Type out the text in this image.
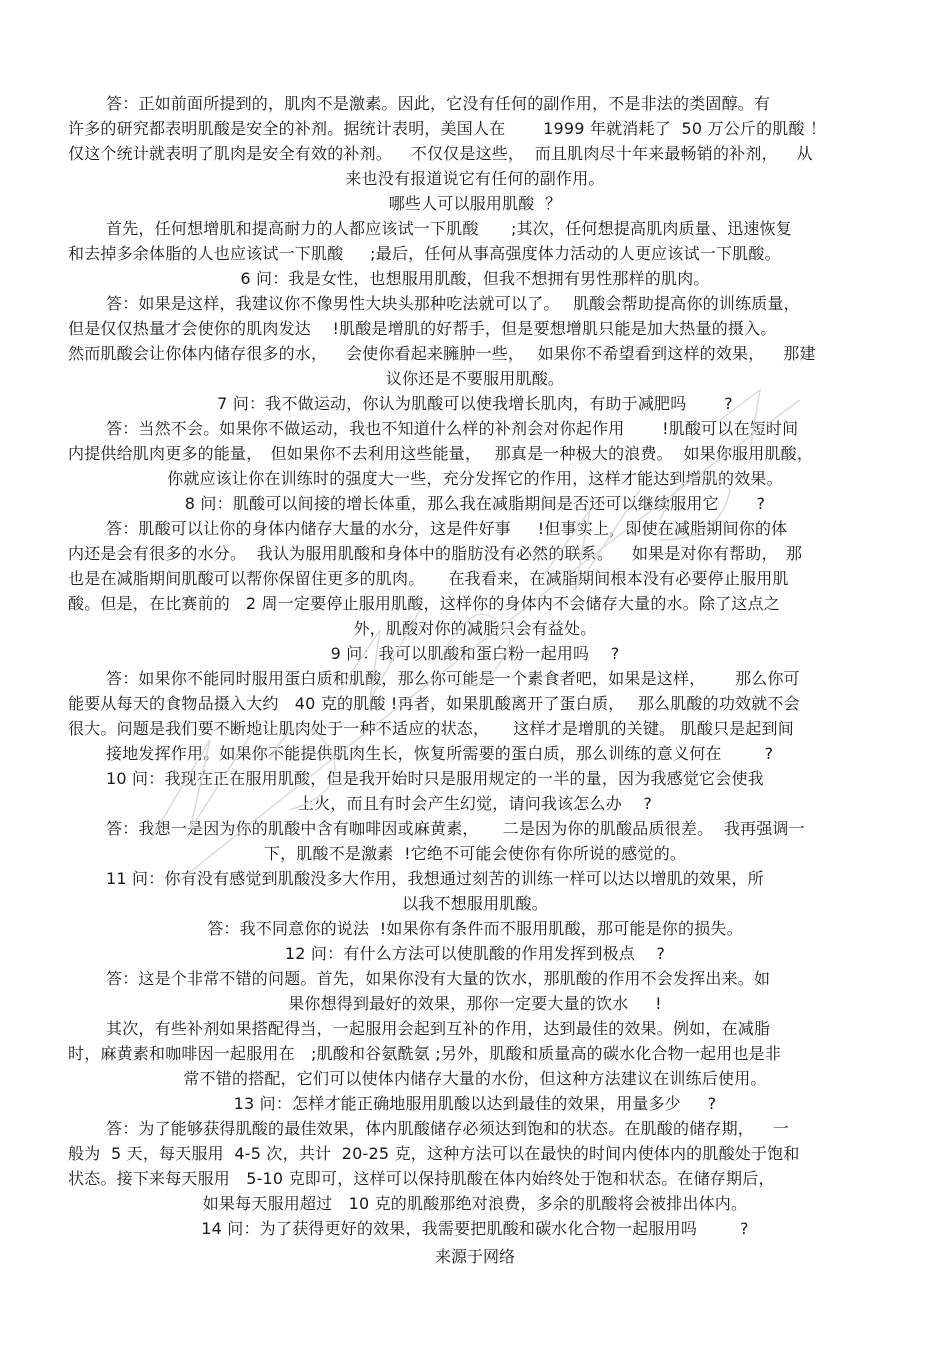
答：正如前面所提到的，肌肉不是激素。因此，它没有任何的副作用，不是非法的类固醇。有
许多的研究都表明肌酸是安全的补剂。据统计表明，美国人在　　 1999 年就消耗了  50 万公斤的肌酸 ！
仅这个统计就表明了肌肉是安全有效的补剂。　  不仅仅是这些，  而且肌肉尽十年来最畅销的补剂，　  从
来也没有报道说它有任何的副作用。
哪些人可以服用肌酸  ？
首先，任何想增肌和提高耐力的人都应该试一下肌酸　　;其次，任何想提高肌肉质量、迅速恢复
和去掉多余体脂的人也应该试一下肌酸　  ;最后，任何从事高强度体力活动的人更应该试一下肌酸。
6 问：我是女性，也想服用肌酸，但我不想拥有男性那样的肌肉。
答：如果是这样，我建议你不像男性大块头那种吃法就可以了。　 肌酸会帮助提高你的训练质量，
但是仅仅热量才会使你的肌肉发达　 !肌酸是增肌的好帮手，但是要想增肌只能是加大热量的摄入。
然而肌酸会让你体内储存很多的水，　  会使你看起来臃肿一些，　 如果你不希望看到这样的效果，　  那建
议你还是不要服用肌酸。
7 问：我不做运动，你认为肌酸可以使我增长肌肉，有助于减肥吗　　 ?
答：当然不会。如果你不做运动，我也不知道什么样的补剂会对你起作用　　 !肌酸可以在短时间
内提供给肌肉更多的能量，　但如果你不去利用这些能量，　 那真是一种极大的浪费。  如果你服用肌酸，
你就应该让你在训练时的强度大一些，充分发挥它的作用，这样才能达到增肌的效果。
8 问：肌酸可以间接的增长体重，那么我在减脂期间是否还可以继续服用它　　 ?
答：肌酸可以让你的身体内储存大量的水分，这是件好事　  !但事实上，即使在减脂期间你的体
内还是会有很多的水分。  我认为服用肌酸和身体中的脂肪没有必然的联系。　  如果是对你有帮助，　那
也是在减脂期间肌酸可以帮你保留住更多的肌肉。　   在我看来，在减脂期间根本没有必要停止服用肌
酸。但是，在比赛前的   2 周一定要停止服用肌酸，这样你的身体内不会储存大量的水。除了这点之
外，肌酸对你的减脂只会有益处。
9 问：我可以肌酸和蛋白粉一起用吗　 ?
答：如果你不能同时服用蛋白质和肌酸，那么你可能是一个素食者吧，如果是这样，　　 那么你可
能要从每天的食物品摄入大约　40 克的肌酸 !再者，如果肌酸离开了蛋白质，　 那么肌酸的功效就不会
很大。问题是我们要不断地让肌肉处于一种不适应的状态，　   这样才是增肌的关键。 肌酸只是起到间
接地发挥作用。如果你不能提供肌肉生长，恢复所需要的蛋白质，那么训练的意义何在　　  ?
10 问：我现在正在服用肌酸，但是我开始时只是服用规定的一半的量，因为我感觉它会使我
上火，而且有时会产生幻觉，请问我该怎么办　 ?
答：我想一是因为你的肌酸中含有咖啡因或麻黄素，　   二是因为你的肌酸品质很差。  我再强调一
下，肌酸不是激素  !它绝不可能会使你有你所说的感觉的。
11 问：你有没有感觉到肌酸没多大作用，我想通过刻苦的训练一样可以达以增肌的效果，所
以我不想服用肌酸。
答：我不同意你的说法  !如果你有条件而不服用肌酸，那可能是你的损失。
12 问：有什么方法可以使肌酸的作用发挥到极点　 ?
答：这是个非常不错的问题。首先，如果你没有大量的饮水，那肌酸的作用不会发挥出来。如
果你想得到最好的效果，那你一定要大量的饮水　  !
其次，有些补剂如果搭配得当，一起服用会起到互补的作用，达到最佳的效果。例如，在减脂
时，麻黄素和咖啡因一起服用在　;肌酸和谷氨酰氨 ;另外，肌酸和质量高的碳水化合物一起用也是非
常不错的搭配，它们可以使体内储存大量的水份，但这种方法建议在训练后使用。
13 问：怎样才能正确地服用肌酸以达到最佳的效果，用量多少　  ?
答：为了能够获得肌酸的最佳效果，体内肌酸储存必须达到饱和的状态。在肌酸的储存期，　  一
般为  5 天，每天服用  4-5 次，共计  20-25 克，这种方法可以在最快的时间内使体内的肌酸处于饱和
状态。接下来每天服用　5-10 克即可，这样可以保持肌酸在体内始终处于饱和状态。在储存期后，
如果每天服用超过　10 克的肌酸那绝对浪费，多余的肌酸将会被排出体内。
14 问：为了获得更好的效果，我需要把肌酸和碳水化合物一起服用吗　　  ?
来源于网络
